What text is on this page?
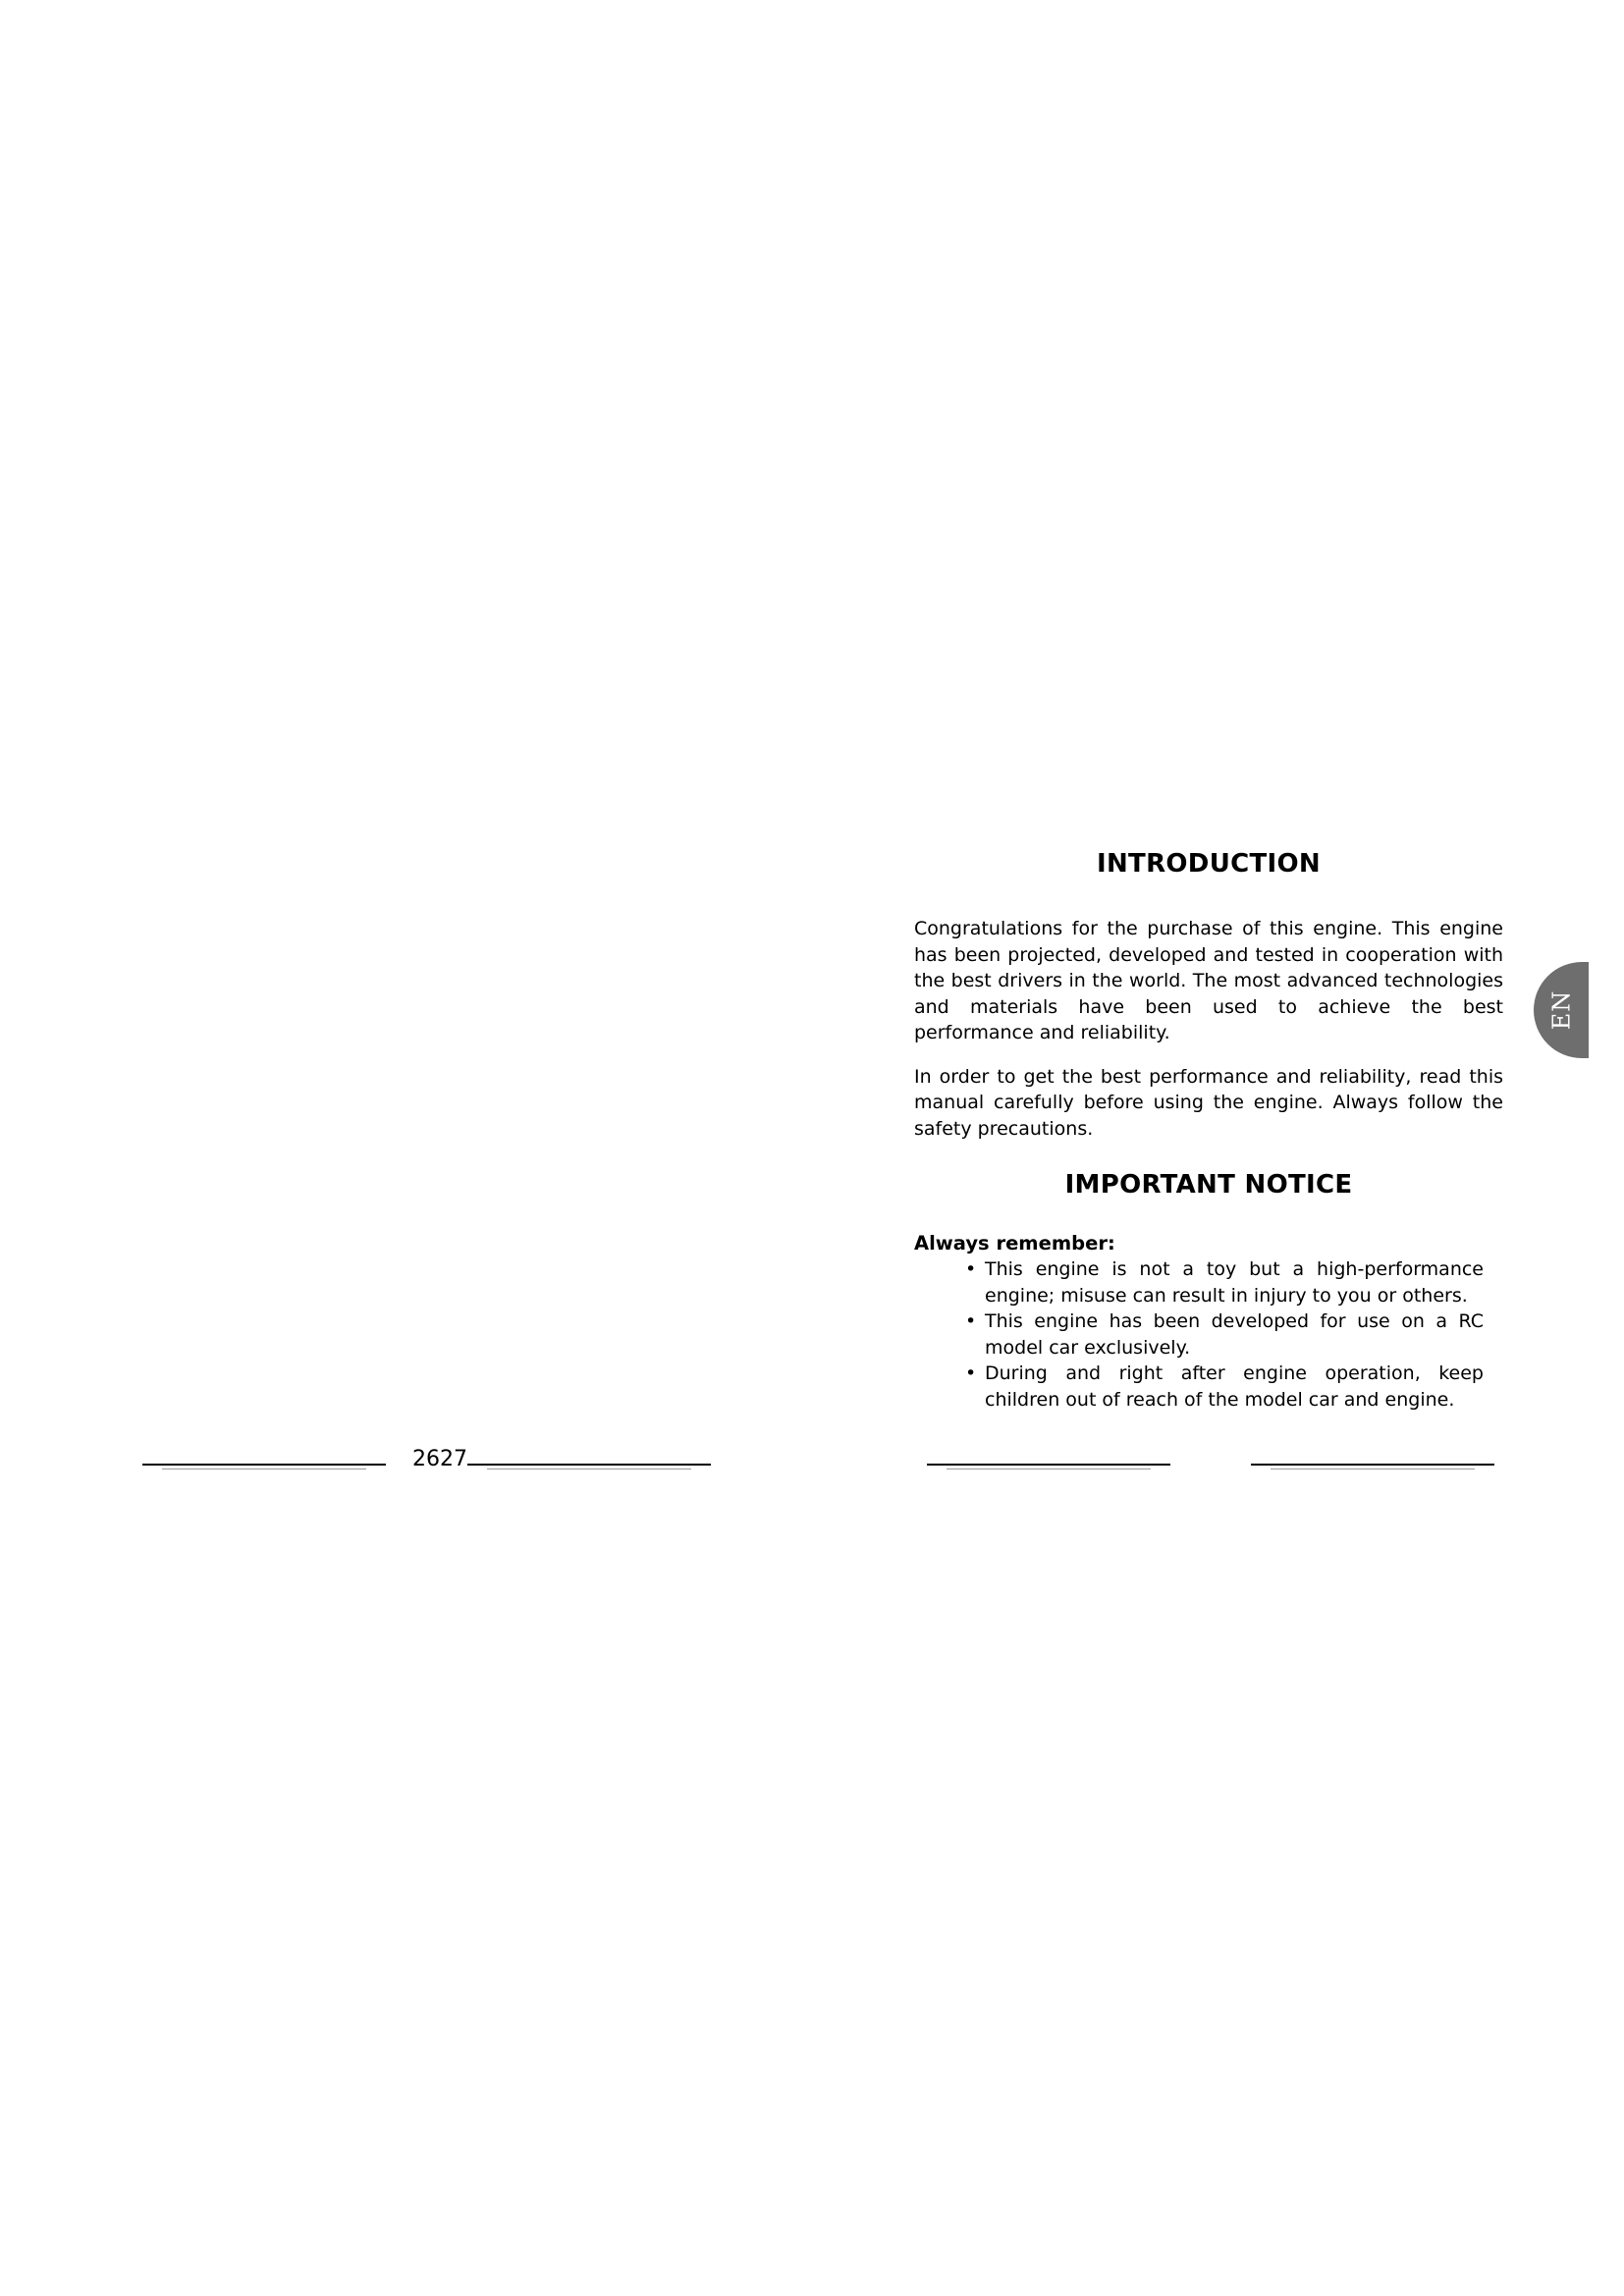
INTRODUCTION

Congratulations for the purchase of this engine. This engine has been projected, developed and tested in cooperation with the best drivers in the world. The most advanced technologies and materials have been used to achieve the best performance and reliability.

In order to get the best performance and reliability, read this manual carefully before using the engine. Always follow the safety precautions.

IMPORTANT NOTICE

Always remember:

• This engine is not a toy but a high-performance engine; misuse can result in injury to you or others.
• This engine has been developed for use on a RC model car exclusively.
• During and right after engine operation, keep children out of reach of the model car and engine.
EN
2627
